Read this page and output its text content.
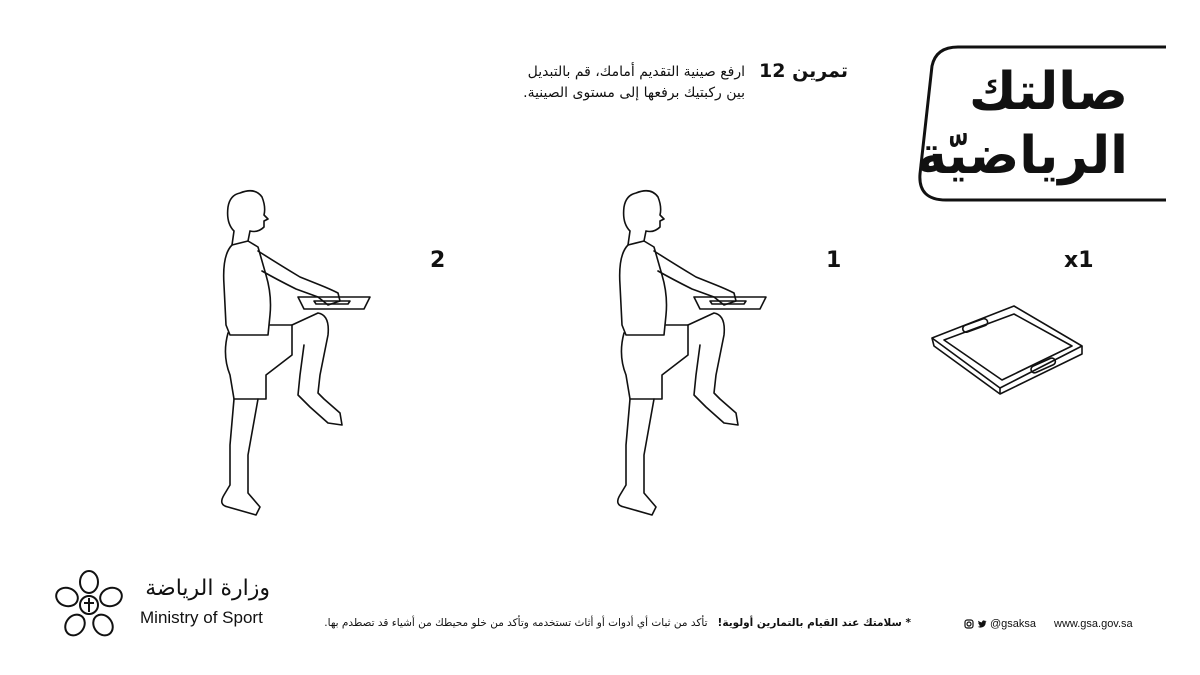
صالتك
الرياضيّة
تمرين 12
ارفع صينية التقديم أمامك، قم بالتبديل
بين ركبتيك برفعها إلى مستوى الصينية.
2	1	x1
وزارة الرياضة
Ministry of Sport	* سلامتك عند القيام بالتمارين أولوية!   تأكد من ثبات أي أدوات أو أثاث تستخدمه وتأكد من خلو محيطك من أشياء قد تصطدم بها.	@gsaksa www.gsa.gov.sa
